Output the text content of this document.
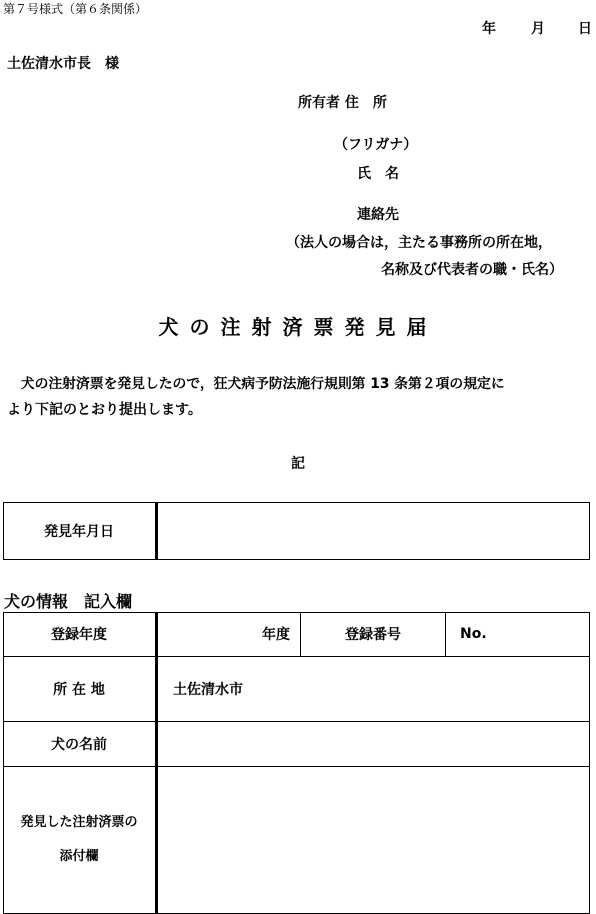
第７号様式（第６条関係）
年	月 日
土佐清水市長　様
所有者 住　所
（フリガナ）
氏　名
連絡先
（法人の場合は，主たる事務所の所在地，
名称及び代表者の職・氏名）
犬の注射済票発見届
　犬の注射済票を発見したので，狂犬病予防法施行規則第 13 条第２項の規定に
より下記のとおり提出します。
記
発見年月日
犬の情報　記入欄
登録年度	年度	登録番号	No.
所 在 地	土佐清水市
犬の名前
発見した注射済票の
添付欄
